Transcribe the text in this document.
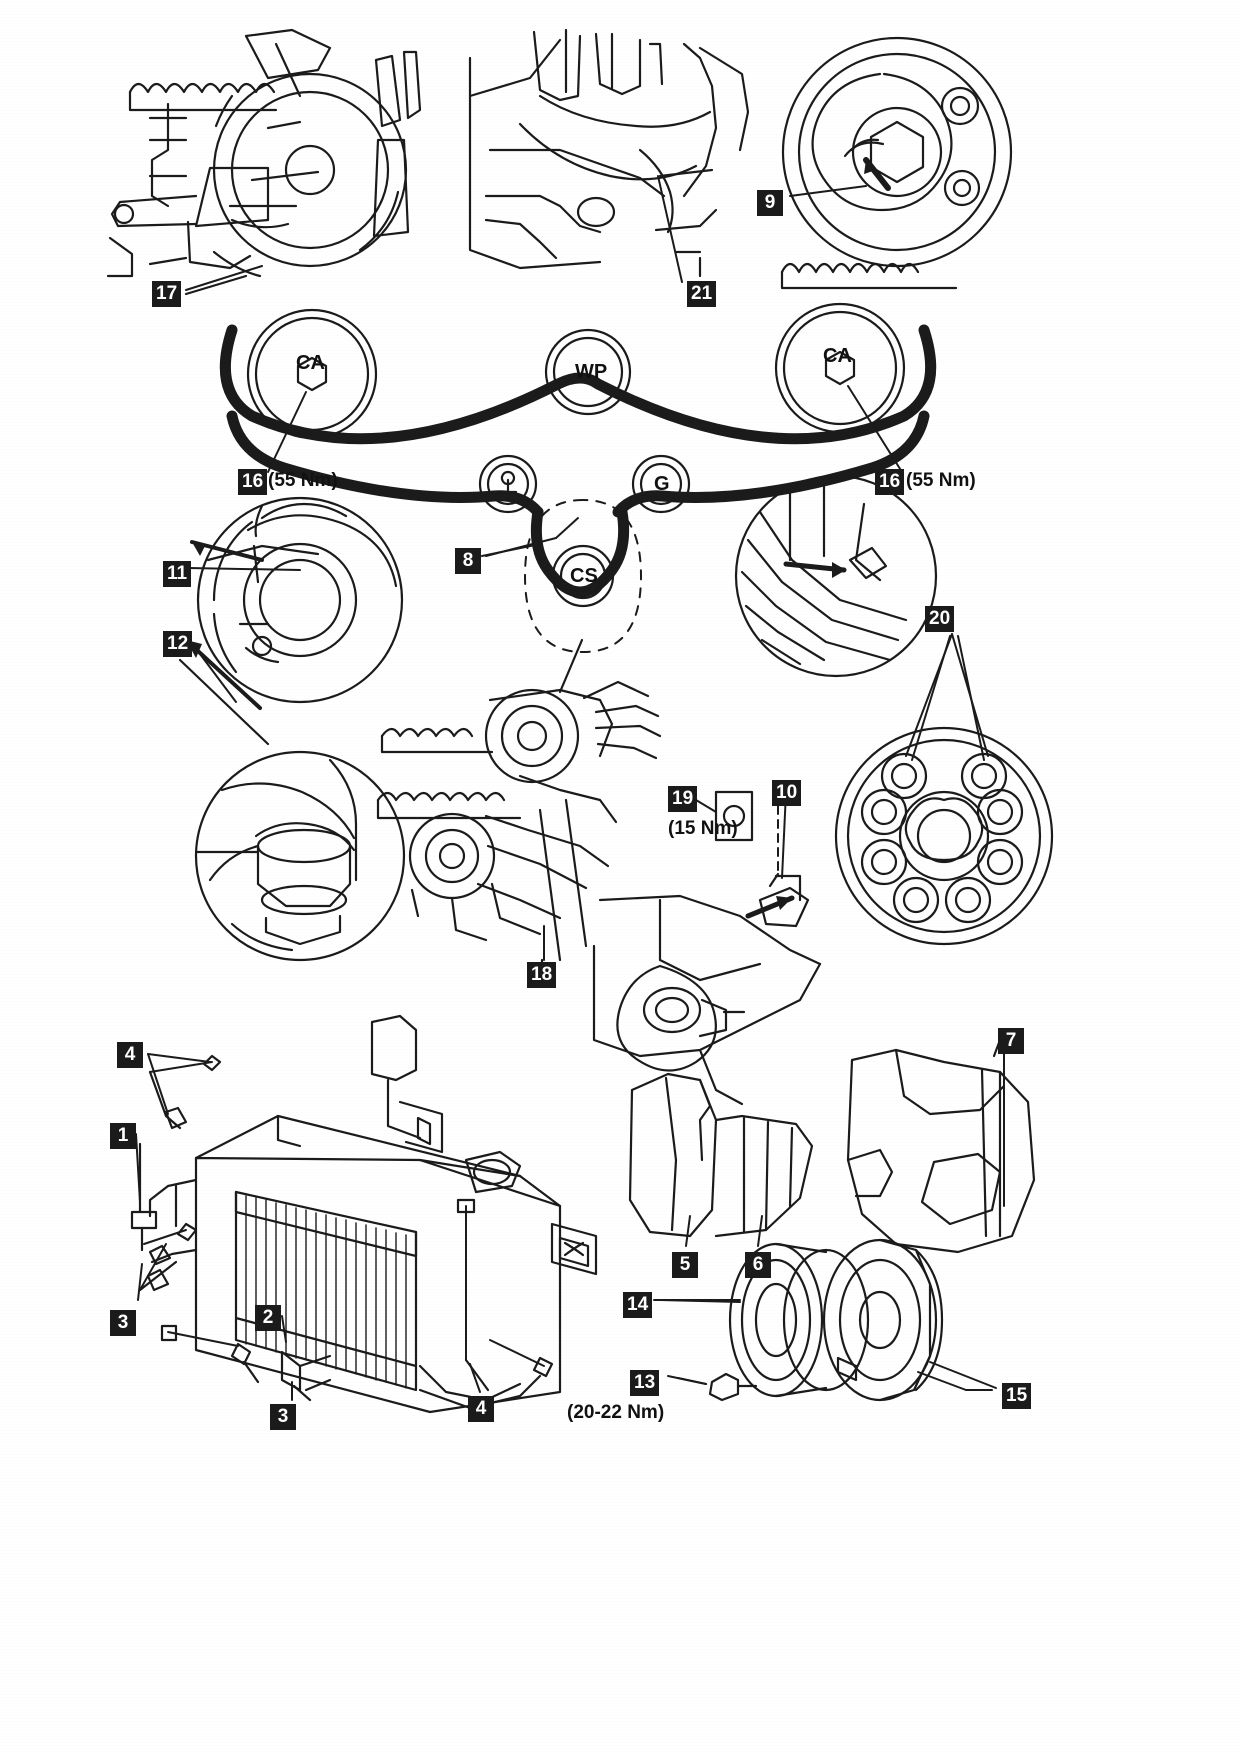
CA	WP
CA
G
CS
17	21
9
16	16
11
12
8
20
19	10
18
7
4
1
3	2
3	4
5	6
14
13
15
(55 Nm)	(55 Nm)
(15 Nm)
(20-22 Nm)
